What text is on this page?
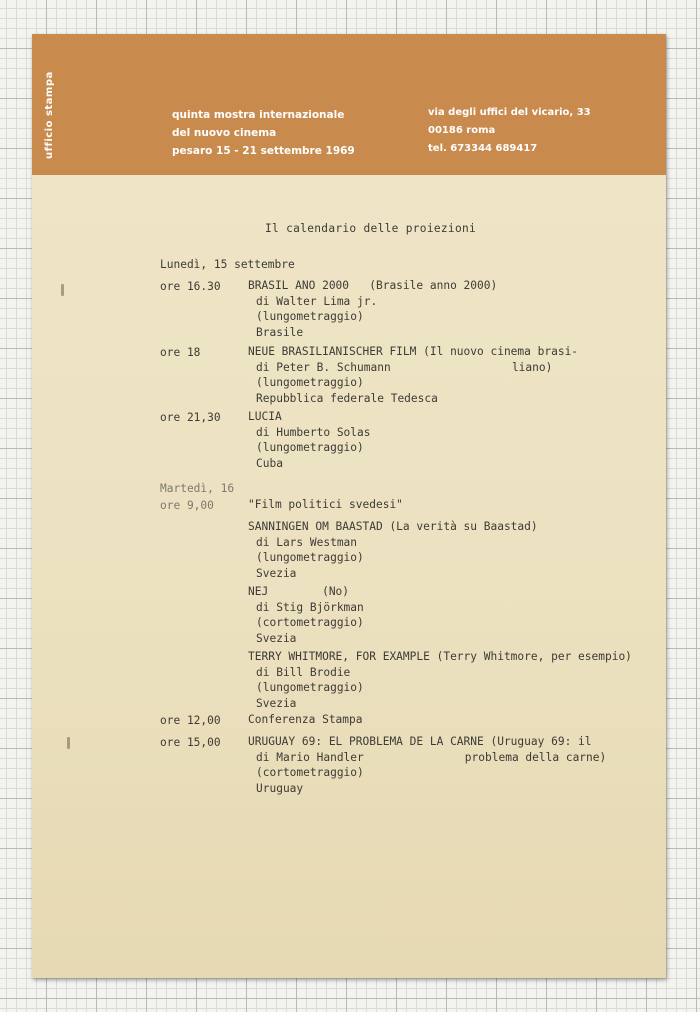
ufficio stampa	quinta mostra internazionale
del nuovo cinema
pesaro 15 - 21 settembre 1969
via degli uffici del vicario, 33
00186 roma
tel. 673344 689417
Il calendario delle proiezioni
Lunedì, 15 settembre
ore 16.30 BRASIL ANO 2000   (Brasile anno 2000)
di Walter Lima jr.
(lungometraggio)
Brasile
ore 18	NEUE BRASILIANISCHER FILM (Il nuovo cinema brasi-
di Peter B. Schumann                  liano)
(lungometraggio)
Repubblica federale Tedesca
ore 21,30 LUCIA
di Humberto Solas
(lungometraggio)
Cuba
Martedì, 16
ore 9,00	"Film politici svedesi"
SANNINGEN OM BAASTAD (La verità su Baastad)
di Lars Westman
(lungometraggio)
Svezia
NEJ        (No)
di Stig Björkman
(cortometraggio)
Svezia
TERRY WHITMORE, FOR EXAMPLE (Terry Whitmore, per esempio)
di Bill Brodie
(lungometraggio)
Svezia
ore 12,00 Conferenza Stampa
ore 15,00 URUGUAY 69: EL PROBLEMA DE LA CARNE (Uruguay 69: il
di Mario Handler               problema della carne)
(cortometraggio)
Uruguay
